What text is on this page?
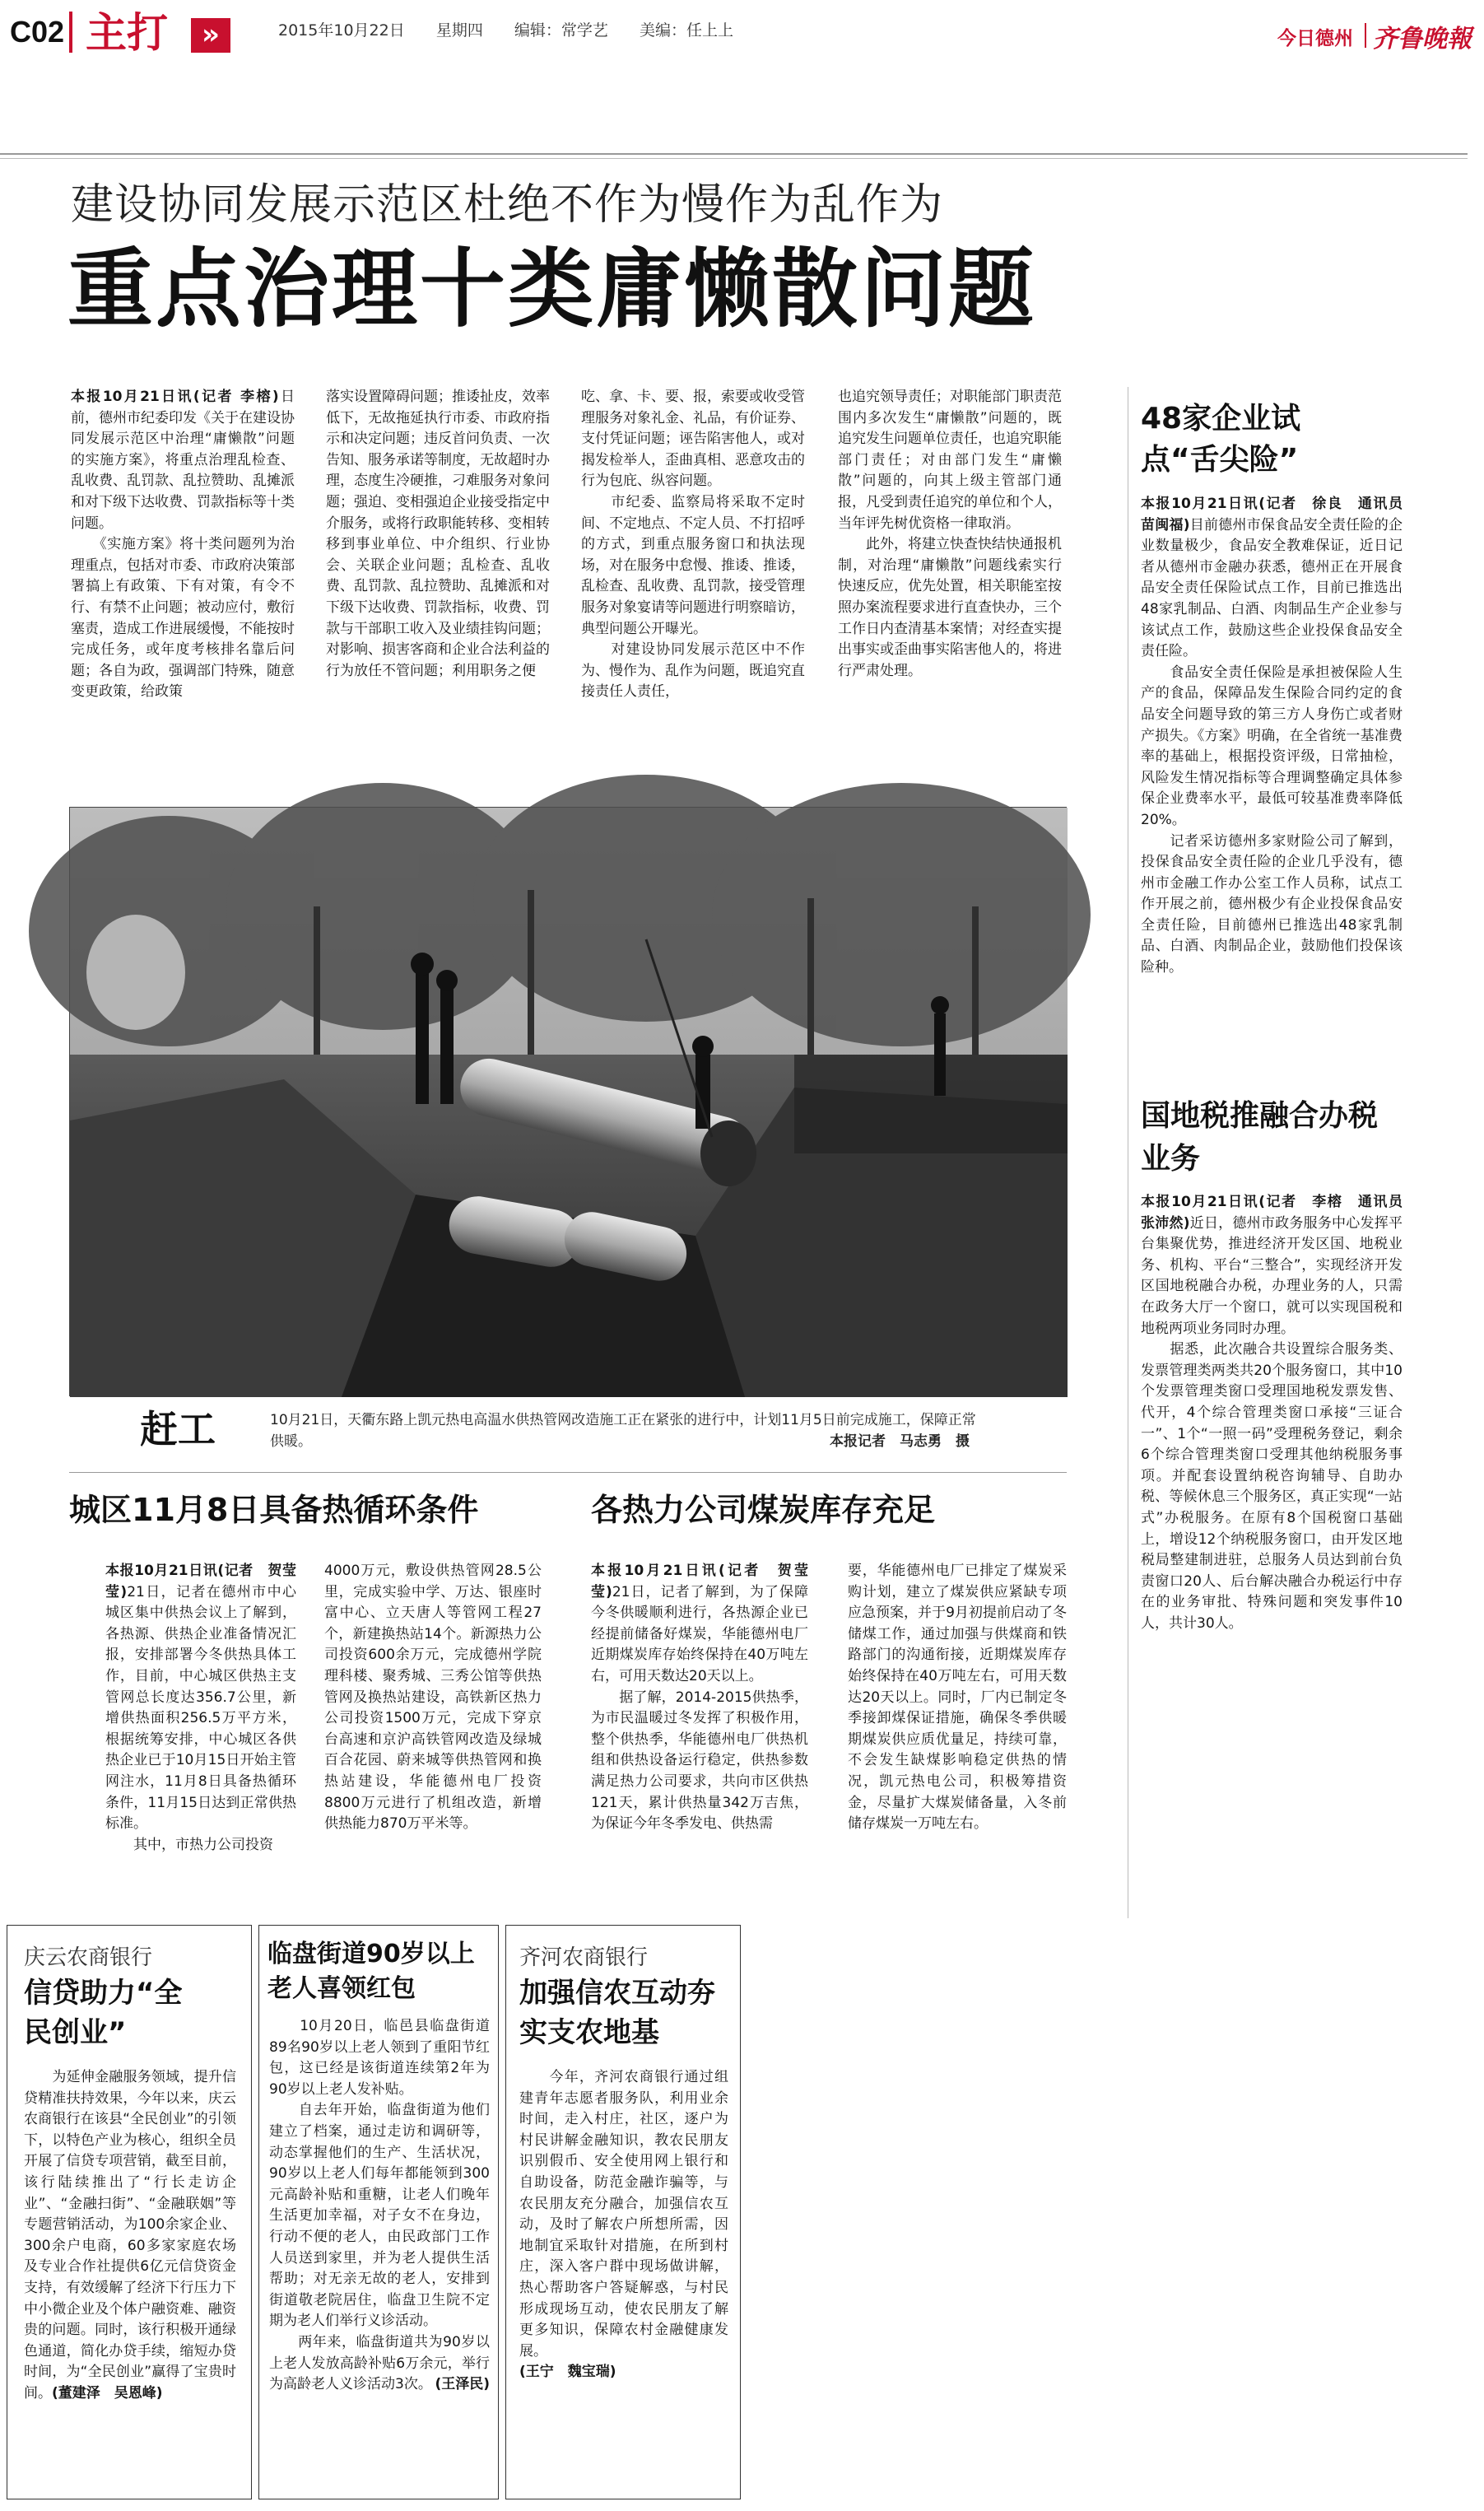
C02 主打	»	2015年10月22日 星期四 编辑：常学艺 美编：任上上	今日德州 齐鲁晚報
建设协同发展示范区杜绝不作为慢作为乱作为
重点治理十类庸懒散问题
本报10月21日讯(记者 李榕)日前，德州市纪委印发《关于在建设协同发展示范区中治理“庸懒散”问题的实施方案》，将重点治理乱检查、乱收费、乱罚款、乱拉赞助、乱摊派和对下级下达收费、罚款指标等十类问题。
　　《实施方案》将十类问题列为治理重点，包括对市委、市政府决策部署搞上有政策、下有对策，有令不行、有禁不止问题；被动应付，敷衍塞责，造成工作进展缓慢，不能按时完成任务，或年度考核排名靠后问题；各自为政，强调部门特殊，随意变更政策，给政策
落实设置障碍问题；推诿扯皮，效率低下，无故拖延执行市委、市政府指示和决定问题；违反首问负责、一次告知、服务承诺等制度，无故超时办理，态度生冷硬推，刁难服务对象问题；强迫、变相强迫企业接受指定中介服务，或将行政职能转移、变相转移到事业单位、中介组织、行业协会、关联企业问题；乱检查、乱收费、乱罚款、乱拉赞助、乱摊派和对下级下达收费、罚款指标，收费、罚款与干部职工收入及业绩挂钩问题；对影响、损害客商和企业合法利益的行为放任不管问题；利用职务之便
吃、拿、卡、要、报，索要或收受管理服务对象礼金、礼品，有价证券、支付凭证问题；诬告陷害他人，或对揭发检举人，歪曲真相、恶意攻击的行为包庇、纵容问题。
　　市纪委、监察局将采取不定时间、不定地点、不定人员、不打招呼的方式，到重点服务窗口和执法现场，对在服务中怠慢、推诿、推诿，乱检查、乱收费、乱罚款，接受管理服务对象宴请等问题进行明察暗访，典型问题公开曝光。
　　对建设协同发展示范区中不作为、慢作为、乱作为问题，既追究直接责任人责任，
也追究领导责任；对职能部门职责范围内多次发生“庸懒散”问题的，既追究发生问题单位责任，也追究职能部门责任；对由部门发生“庸懒散”问题的，向其上级主管部门通报，凡受到责任追究的单位和个人，当年评先树优资格一律取消。
　　此外，将建立快查快结快通报机制，对治理“庸懒散”问题线索实行快速反应，优先处置，相关职能室按照办案流程要求进行直查快办，三个工作日内查清基本案情；对经查实提出事实或歪曲事实陷害他人的，将进行严肃处理。
赶工	10月21日，天衢东路上凯元热电高温水供热管网改造施工正在紧张的进行中，计划11月5日前完成施工，保障正常供暖。	本报记者　马志勇　摄
48家企业试点“舌尖险”
本报10月21日讯(记者　徐良　通讯员　苗闽福)目前德州市保食品安全责任险的企业数量极少，食品安全教难保证，近日记者从德州市金融办获悉，德州正在开展食品安全责任保险试点工作，目前已推选出48家乳制品、白酒、肉制品生产企业参与该试点工作，鼓励这些企业投保食品安全责任险。
　　食品安全责任保险是承担被保险人生产的食品，保障品发生保险合同约定的食品安全问题导致的第三方人身伤亡或者财产损失。《方案》明确，在全省统一基准费率的基础上，根据投资评级，日常抽检，风险发生情况指标等合理调整确定具体参保企业费率水平，最低可较基准费率降低20%。
　　记者采访德州多家财险公司了解到，投保食品安全责任险的企业几乎没有，德州市金融工作办公室工作人员称，试点工作开展之前，德州极少有企业投保食品安全责任险，目前德州已推选出48家乳制品、白酒、肉制品企业，鼓励他们投保该险种。
国地税推融合办税业务
本报10月21日讯(记者　李榕　通讯员　张沛然)近日，德州市政务服务中心发挥平台集聚优势，推进经济开发区国、地税业务、机构、平台“三整合”，实现经济开发区国地税融合办税，办理业务的人，只需在政务大厅一个窗口，就可以实现国税和地税两项业务同时办理。
　　据悉，此次融合共设置综合服务类、发票管理类两类共20个服务窗口，其中10个发票管理类窗口受理国地税发票发售、代开，4个综合管理类窗口承接“三证合一”、1个“一照一码”受理税务登记，剩余6个综合管理类窗口受理其他纳税服务事项。并配套设置纳税咨询辅导、自助办税、等候休息三个服务区，真正实现“一站式”办税服务。在原有8个国税窗口基础上，增设12个纳税服务窗口，由开发区地税局整建制进驻，总服务人员达到前台负责窗口20人、后台解决融合办税运行中存在的业务审批、特殊问题和突发事件10人，共计30人。
城区11月8日具备热循环条件
本报10月21日讯(记者　贺莹莹)21日，记者在德州市中心城区集中供热会议上了解到，各热源、供热企业准备情况汇报，安排部署今冬供热具体工作，目前，中心城区供热主支管网总长度达356.7公里，新增供热面积256.5万平方米，根据统筹安排，中心城区各供热企业已于10月15日开始主管网注水，11月8日具备热循环条件，11月15日达到正常供热标准。
　　其中，市热力公司投资
4000万元，敷设供热管网28.5公里，完成实验中学、万达、银座时富中心、立天唐人等管网工程27个，新建换热站14个。新源热力公司投资600余万元，完成德州学院理科楼、聚秀城、三秀公馆等供热管网及换热站建设，高铁新区热力公司投资1500万元，完成下穿京台高速和京沪高铁管网改造及绿城百合花园、蔚来城等供热管网和换热站建设，华能德州电厂投资8800万元进行了机组改造，新增供热能力870万平米等。
各热力公司煤炭库存充足
本报10月21日讯(记者　贺莹莹)21日，记者了解到，为了保障今冬供暖顺利进行，各热源企业已经提前储备好煤炭，华能德州电厂近期煤炭库存始终保持在40万吨左右，可用天数达20天以上。
　　据了解，2014-2015供热季，为市民温暖过冬发挥了积极作用，整个供热季，华能德州电厂供热机组和供热设备运行稳定，供热参数满足热力公司要求，共向市区供热121天，累计供热量342万吉焦，为保证今年冬季发电、供热需
要，华能德州电厂已排定了煤炭采购计划，建立了煤炭供应紧缺专项应急预案，并于9月初提前启动了冬储煤工作，通过加强与供煤商和铁路部门的沟通衔接，近期煤炭库存始终保持在40万吨左右，可用天数达20天以上。同时，厂内已制定冬季接卸煤保证措施，确保冬季供暖期煤炭供应质优量足，持续可靠，不会发生缺煤影响稳定供热的情况，凯元热电公司，积极筹措资金，尽量扩大煤炭储备量，入冬前储存煤炭一万吨左右。
庆云农商银行
信贷助力“全民创业”
　　为延伸金融服务领域，提升信贷精准扶持效果，今年以来，庆云农商银行在该县“全民创业”的引领下，以特色产业为核心，组织全员开展了信贷专项营销，截至目前，该行陆续推出了“行长走访企业”、“金融扫街”、“金融联姻”等专题营销活动，为100余家企业、300余户电商，60多家家庭农场及专业合作社提供6亿元信贷资金支持，有效缓解了经济下行压力下中小微企业及个体户融资难、融资贵的问题。同时，该行积极开通绿色通道，简化办贷手续，缩短办贷时间，为“全民创业”赢得了宝贵时间。(董建泽　吴恩峰)
临盘街道90岁以上老人喜领红包
　　10月20日，临邑县临盘街道89名90岁以上老人领到了重阳节红包，这已经是该街道连续第2年为90岁以上老人发补贴。
　　自去年开始，临盘街道为他们建立了档案，通过走访和调研等，动态掌握他们的生产、生活状况，90岁以上老人们每年都能领到300元高龄补贴和重糖，让老人们晚年生活更加幸福，对子女不在身边，行动不便的老人，由民政部门工作人员送到家里，并为老人提供生活帮助；对无亲无故的老人，安排到街道敬老院居住，临盘卫生院不定期为老人们举行义诊活动。
　　两年来，临盘街道共为90岁以上老人发放高龄补贴6万余元，举行为高龄老人义诊活动3次。 (王泽民)
齐河农商银行
加强信农互动夯实支农地基
　　今年，齐河农商银行通过组建青年志愿者服务队，利用业余时间，走入村庄，社区，逐户为村民讲解金融知识，教农民朋友识别假币、安全使用网上银行和自助设备，防范金融诈骗等，与农民朋友充分融合，加强信农互动，及时了解农户所想所需，因地制宜采取针对措施，在所到村庄，深入客户群中现场做讲解，热心帮助客户答疑解惑，与村民形成现场互动，使农民朋友了解更多知识，保障农村金融健康发展。
(王宁　魏宝瑞)
